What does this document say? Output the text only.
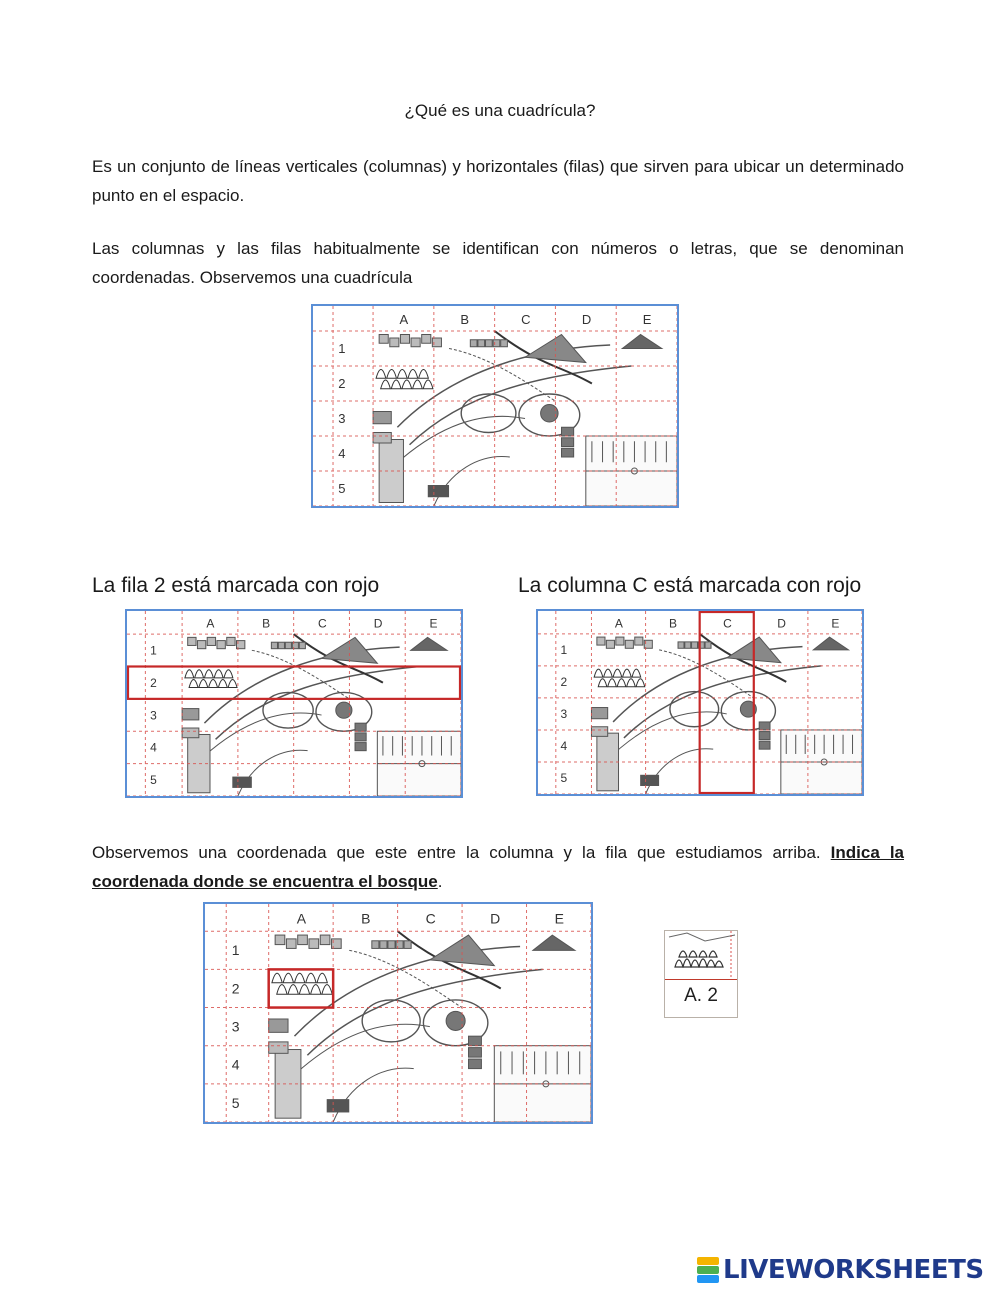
¿Qué es una cuadrícula?
Es un conjunto de líneas verticales (columnas) y horizontales (filas) que sirven para ubicar un determinado punto en el espacio.
Las columnas y las filas habitualmente se identifican con números o letras, que se denominan coordenadas. Observemos una cuadrícula
A	B	C	D	E
1
2
3
4
5
La fila 2 está marcada con rojo	La columna C está marcada con rojo
A	B	C	D	E
1
2
3
4
5
A	B	C	D	E
1
2
3
4
5
Observemos una coordenada que este entre la columna y la fila que estudiamos arriba. Indica la coordenada donde se encuentra el bosque.
A	B	C	D	E
1
2
3
4
5
A. 2
LIVEWORKSHEETS
